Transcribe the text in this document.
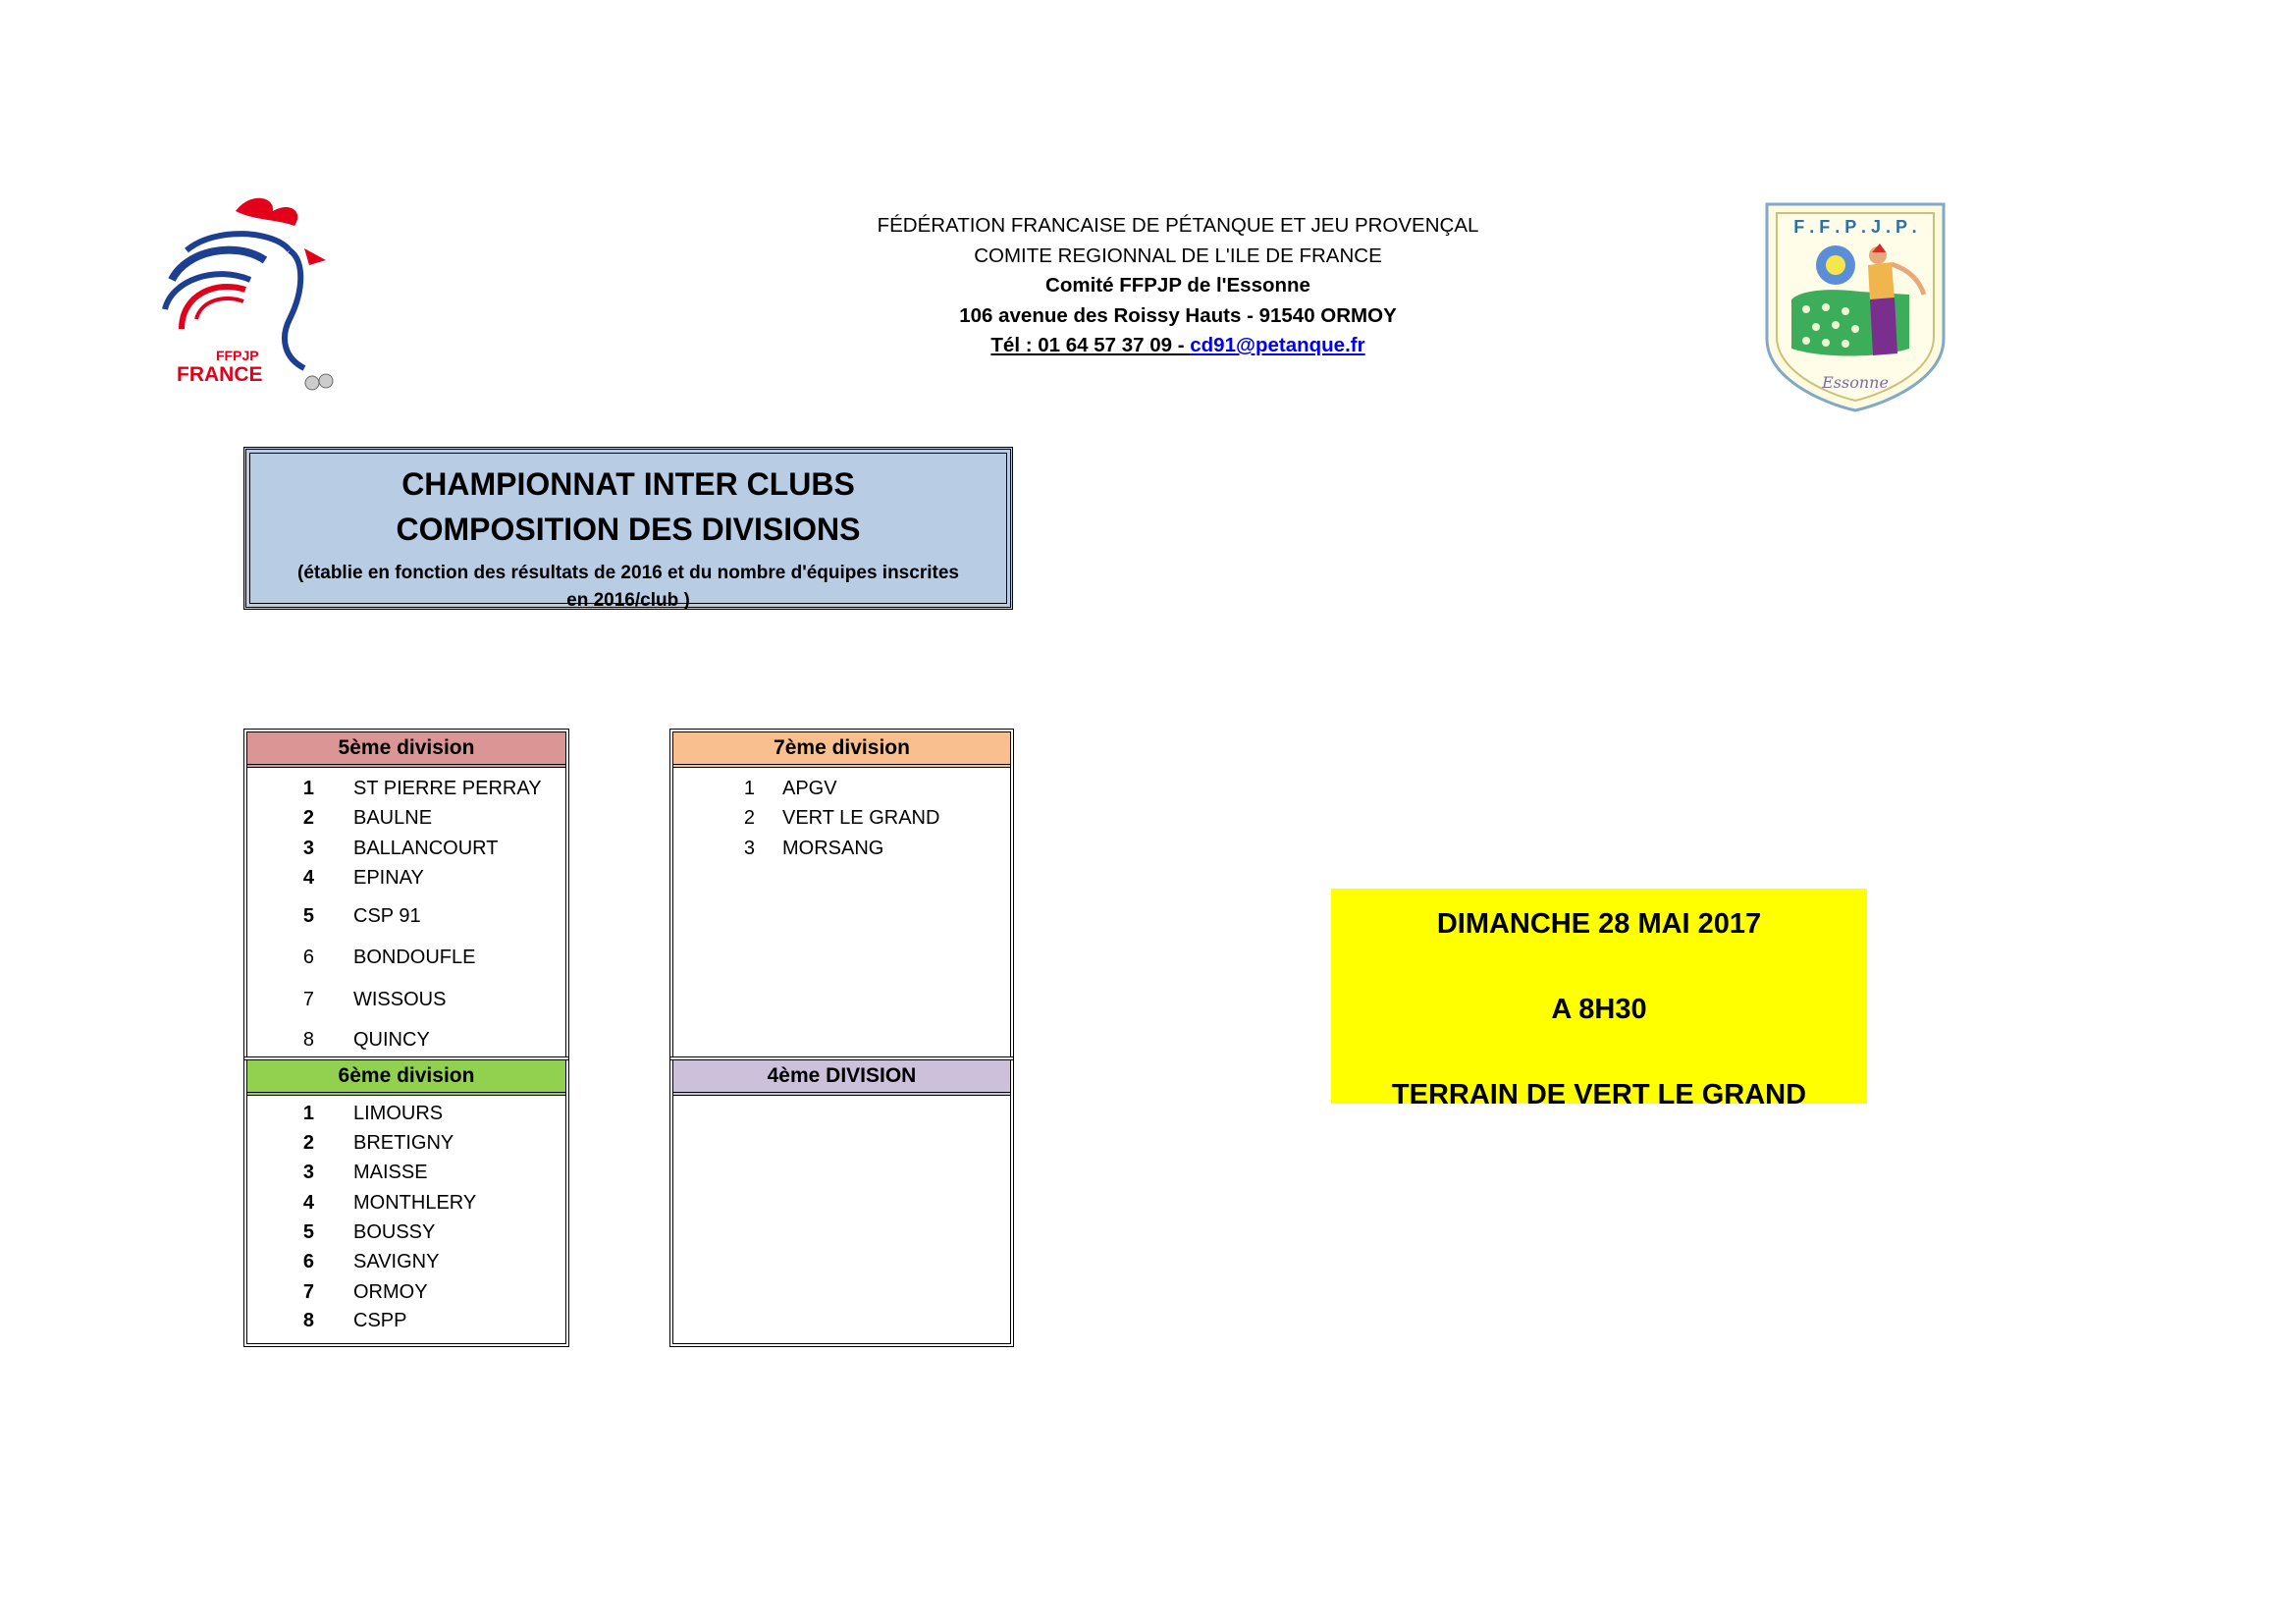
FFPJP
FRANCE
FÉDÉRATION FRANCAISE DE PÉTANQUE ET JEU PROVENÇAL
COMITE REGIONNAL DE L'ILE DE FRANCE
Comité FFPJP de l'Essonne
106 avenue des Roissy Hauts - 91540 ORMOY
Tél : 01 64 57 37 09 - cd91@petanque.fr
F . F . P . J . P .
Essonne
CHAMPIONNAT INTER CLUBS
COMPOSITION DES DIVISIONS
(établie en fonction des résultats de 2016 et du nombre d'équipes inscrites en 2016/club )
5ème division
1 ST PIERRE PERRAY
2 BAULNE
3 BALLANCOURT
4 EPINAY
5 CSP 91
6 BONDOUFLE
7 WISSOUS
8 QUINCY
7ème division
1 APGV
2 VERT LE GRAND
3 MORSANG
6ème division
1 LIMOURS
2 BRETIGNY
3 MAISSE
4 MONTHLERY
5 BOUSSY
6 SAVIGNY
7 ORMOY
8 CSPP
4ème DIVISION
DIMANCHE 28 MAI 2017
A 8H30
TERRAIN DE VERT LE GRAND
